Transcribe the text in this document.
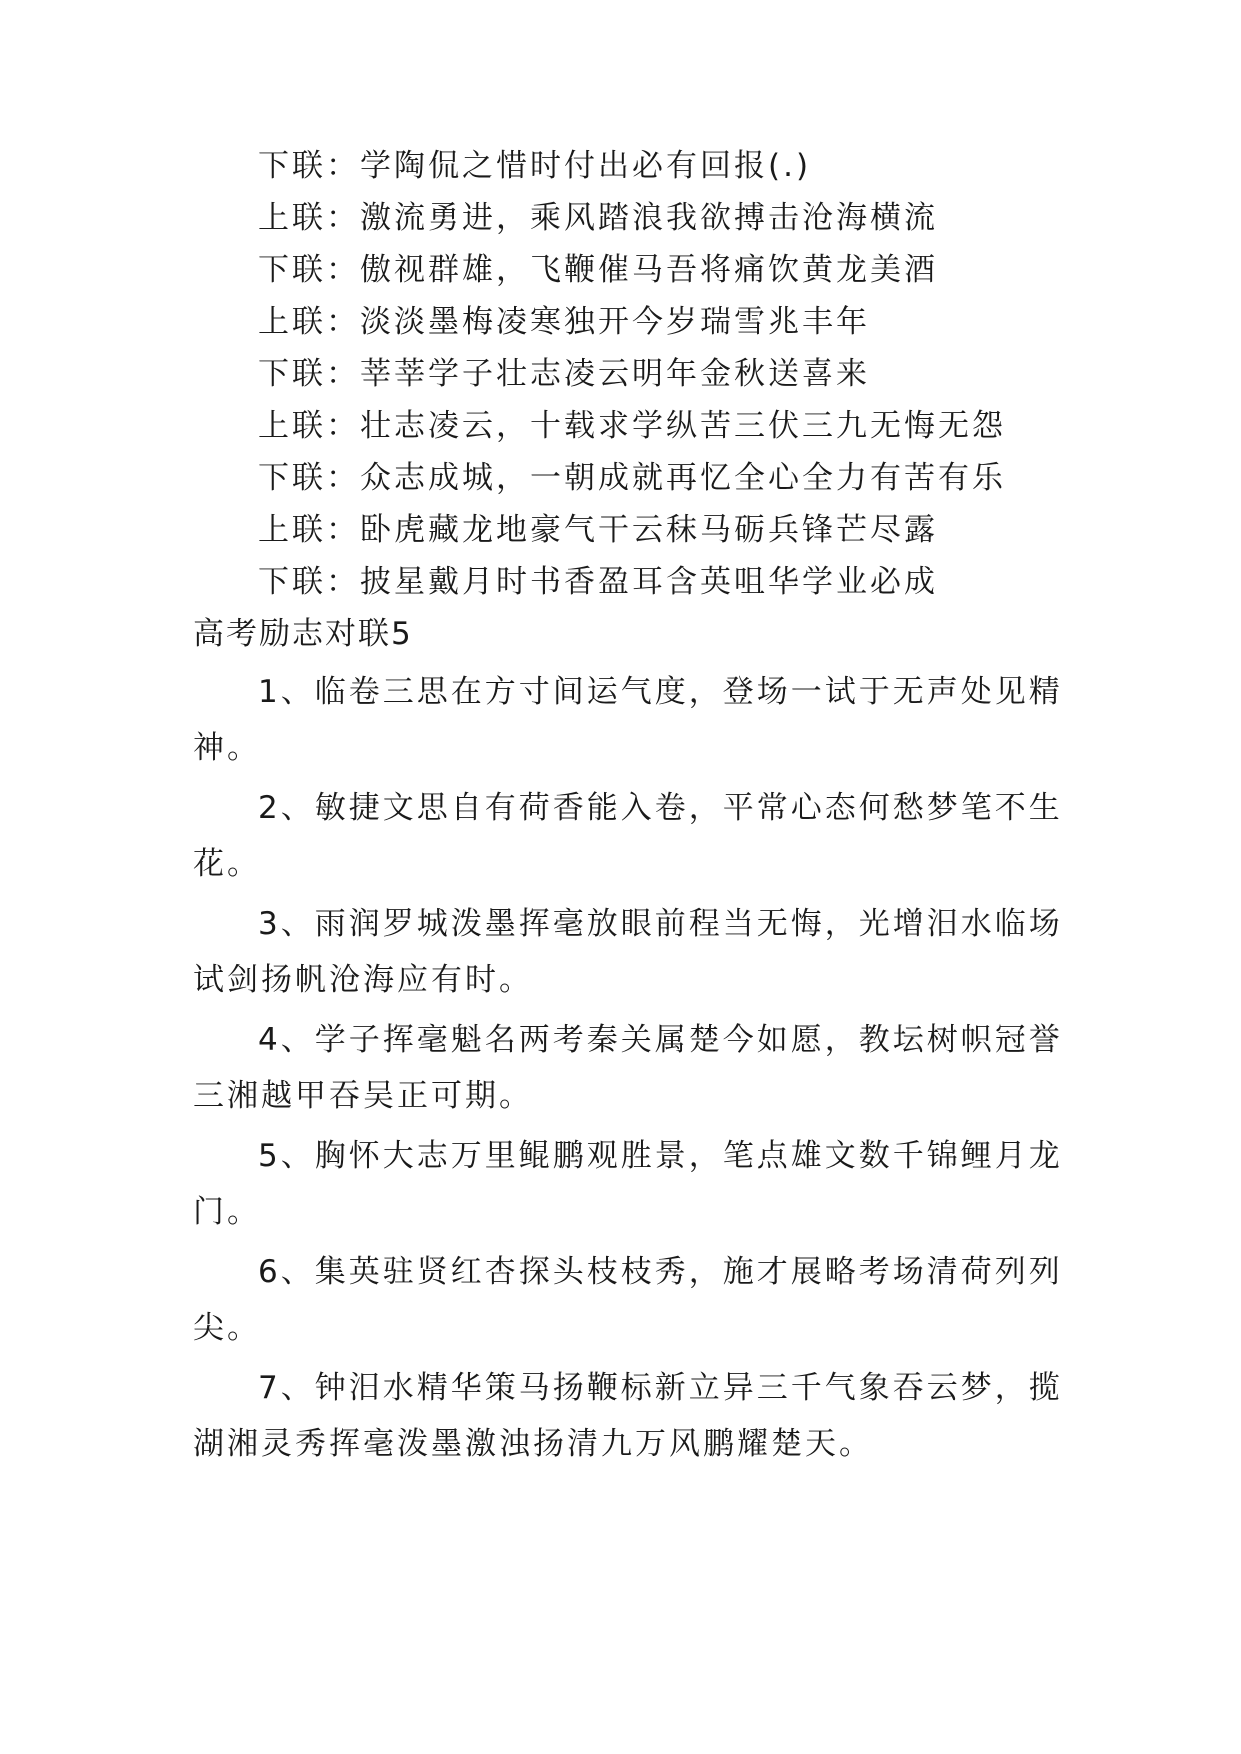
下联：学陶侃之惜时付出必有回报(.)
上联：激流勇进，乘风踏浪我欲搏击沧海横流
下联：傲视群雄，飞鞭催马吾将痛饮黄龙美酒
上联：淡淡墨梅凌寒独开今岁瑞雪兆丰年
下联：莘莘学子壮志凌云明年金秋送喜来
上联：壮志凌云，十载求学纵苦三伏三九无悔无怨
下联：众志成城，一朝成就再忆全心全力有苦有乐
上联：卧虎藏龙地豪气干云秣马砺兵锋芒尽露
下联：披星戴月时书香盈耳含英咀华学业必成
高考励志对联5
1、临卷三思在方寸间运气度，登场一试于无声处见精
神。
2、敏捷文思自有荷香能入卷，平常心态何愁梦笔不生
花。
3、雨润罗城泼墨挥毫放眼前程当无悔，光增汨水临场
试剑扬帆沧海应有时。
4、学子挥毫魁名两考秦关属楚今如愿，教坛树帜冠誉
三湘越甲吞吴正可期。
5、胸怀大志万里鲲鹏观胜景，笔点雄文数千锦鲤月龙
门。
6、集英驻贤红杏探头枝枝秀，施才展略考场清荷列列
尖。
7、钟汨水精华策马扬鞭标新立异三千气象吞云梦，揽
湖湘灵秀挥毫泼墨激浊扬清九万风鹏耀楚天。
